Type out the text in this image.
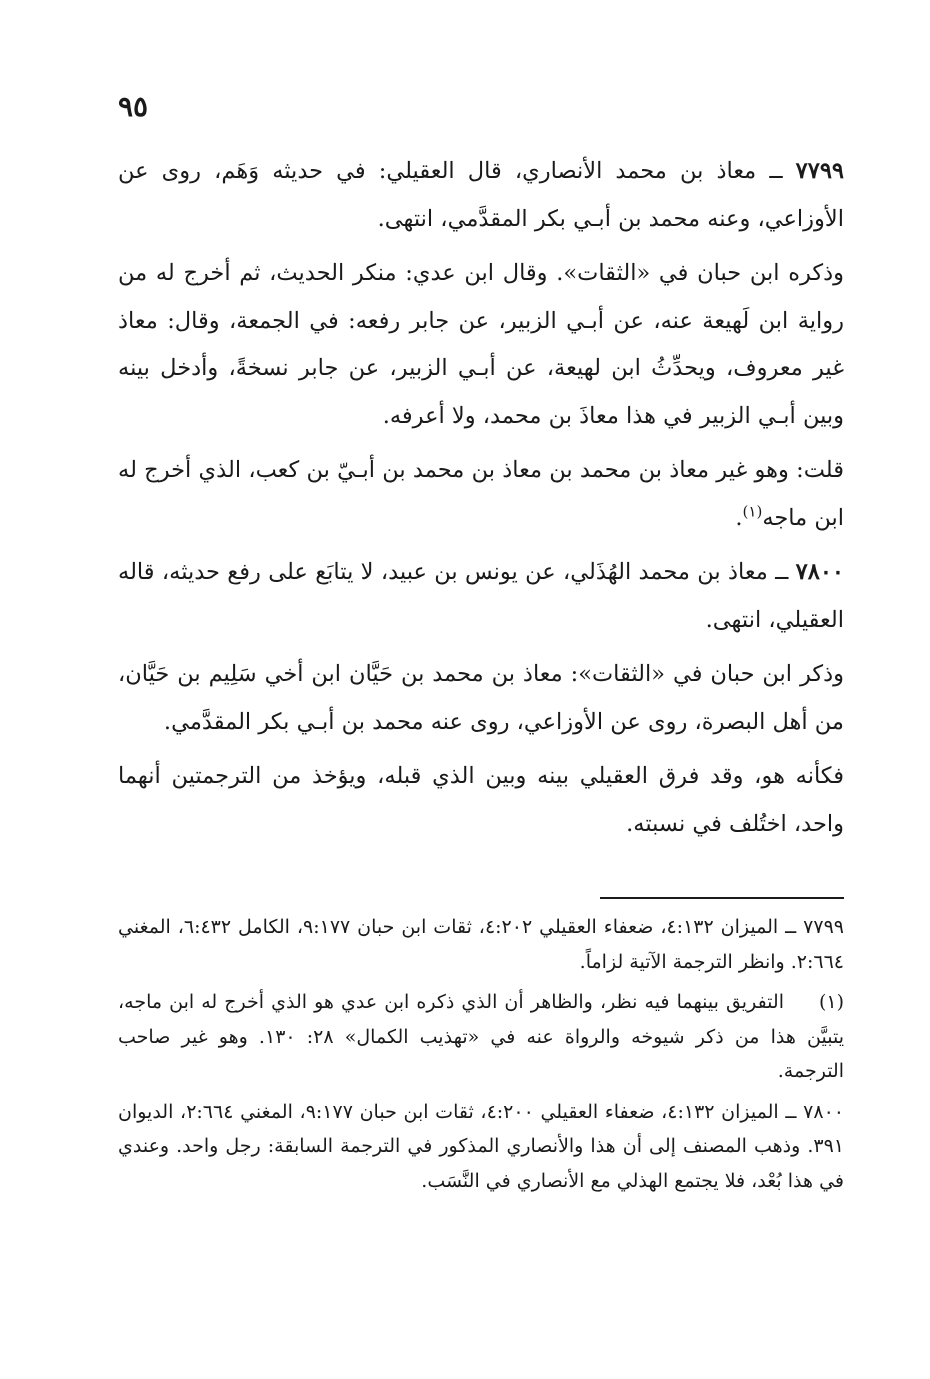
٩٥

٧٧٩٩ ــ معاذ بن محمد الأنصاري، قال العقيلي: في حديثه وَهَم، روى عن الأوزاعي، وعنه محمد بن أبـي بكر المقدَّمي، انتهى.

وذكره ابن حبان في «الثقات». وقال ابن عدي: منكر الحديث، ثم أخرج له من رواية ابن لَهيعة عنه، عن أبـي الزبير، عن جابر رفعه: في الجمعة، وقال: معاذ غير معروف، ويحدِّثُ ابن لهيعة، عن أبـي الزبير، عن جابر نسخةً، وأدخل بينه وبين أبـي الزبير في هذا معاذَ بن محمد، ولا أعرفه.

قلت: وهو غير معاذ بن محمد بن معاذ بن محمد بن أبـيّ بن كعب، الذي أخرج له ابن ماجه$^{(١)}$.

٧٨٠٠ ــ معاذ بن محمد الهُذَلي، عن يونس بن عبيد، لا يتابَع على رفع حديثه، قاله العقيلي، انتهى.

وذكر ابن حبان في «الثقات»: معاذ بن محمد بن حَيَّان ابن أخي سَلِيم بن حَيَّان، من أهل البصرة، روى عن الأوزاعي، روى عنه محمد بن أبـي بكر المقدَّمي.

فكأنه هو، وقد فرق العقيلي بينه وبين الذي قبله، ويؤخذ من الترجمتين أنهما واحد، اختُلف في نسبته.

٧٧٩٩ ــ الميزان ٤:١٣٢، ضعفاء العقيلي ٤:٢٠٢، ثقات ابن حبان ٩:١٧٧، الكامل ٦:٤٣٢، المغني ٢:٦٦٤. وانظر الترجمة الآتية لزاماً.

(١)التفريق بينهما فيه نظر، والظاهر أن الذي ذكره ابن عدي هو الذي أخرج له ابن ماجه، يتبيَّن هذا من ذكر شيوخه والرواة عنه في «تهذيب الكمال» ٢٨: ١٣٠. وهو غير صاحب الترجمة.

٧٨٠٠ ــ الميزان ٤:١٣٢، ضعفاء العقيلي ٤:٢٠٠، ثقات ابن حبان ٩:١٧٧، المغني ٢:٦٦٤، الديوان ٣٩١. وذهب المصنف إلى أن هذا والأنصاري المذكور في الترجمة السابقة: رجل واحد. وعندي في هذا بُعْد، فلا يجتمع الهذلي مع الأنصاري في النَّسَب.
